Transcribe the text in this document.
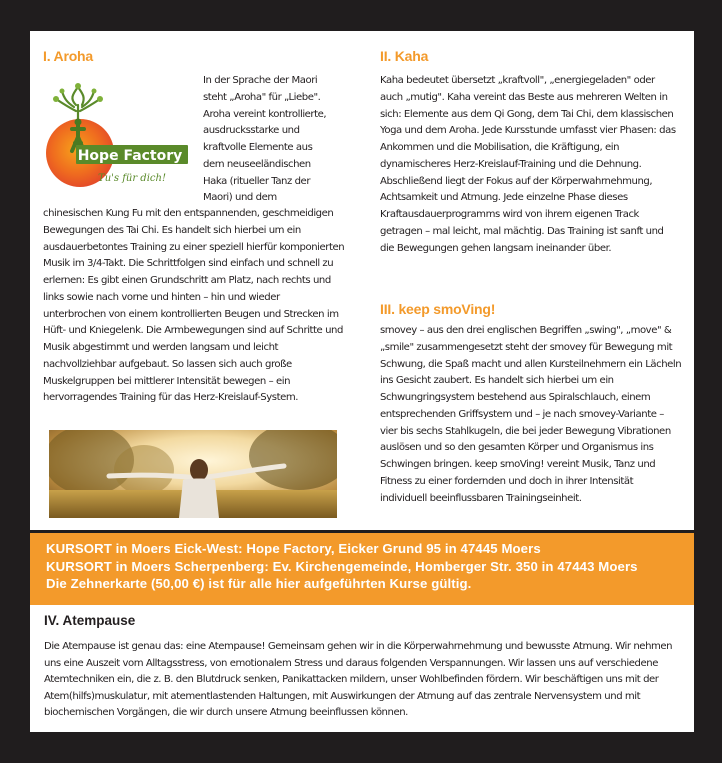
I. Aroha
Hope Factory
Tu's für dich!

In der Sprache der Maori steht „Aroha" für „Liebe". Aroha vereint kontrollierte, ausdrucksstarke und kraftvolle Elemente aus dem neuseeländischen Haka (ritueller Tanz der Maori) und dem

chinesischen Kung Fu mit den entspannenden, geschmeidigen Bewegungen des Tai Chi. Es handelt sich hierbei um ein ausdauerbetontes Training zu einer speziell hierfür komponierten Musik im 3/4-Takt. Die Schrittfolgen sind einfach und schnell zu erlernen: Es gibt einen Grundschritt am Platz, nach rechts und links sowie nach vorne und hinten – hin und wieder unterbrochen von einem kontrollierten Beugen und Strecken im Hüft- und Kniegelenk. Die Armbewegungen sind auf Schritte und Musik abgestimmt und werden langsam und leicht nachvollziehbar aufgebaut. So lassen sich auch große Muskelgruppen bei mittlerer Intensität bewegen – ein hervorragendes Training für das Herz-Kreislauf-System.

II. Kaha

Kaha bedeutet übersetzt „kraftvoll", „energiegeladen" oder auch „mutig". Kaha vereint das Beste aus mehreren Welten in sich: Elemente aus dem Qi Gong, dem Tai Chi, dem klassischen Yoga und dem Aroha. Jede Kursstunde umfasst vier Phasen: das Ankommen und die Mobilisation, die Kräftigung, ein dynamischeres Herz-Kreislauf-Training und die Dehnung. Abschließend liegt der Fokus auf der Körperwahrnehmung, Achtsamkeit und Atmung. Jede einzelne Phase dieses Kraftausdauerprogramms wird von ihrem eigenen Track getragen – mal leicht, mal mächtig. Das Training ist sanft und die Bewegungen gehen langsam ineinander über.

III. keep smoVing!

smovey – aus den drei englischen Begriffen „swing", „move" & „smile" zusammengesetzt steht der smovey für Bewegung mit Schwung, die Spaß macht und allen Kursteilnehmern ein Lächeln ins Gesicht zaubert. Es handelt sich hierbei um ein Schwungringsystem bestehend aus Spiralschlauch, einem entsprechenden Griffsystem und – je nach smovey-Variante – vier bis sechs Stahlkugeln, die bei jeder Bewegung Vibrationen auslösen und so den gesamten Körper und Organismus ins Schwingen bringen. keep smoVing! vereint Musik, Tanz und Fitness zu einer fordernden und doch in ihrer Intensität individuell beeinflussbaren Trainingseinheit.

KURSORT in Moers Eick-West: Hope Factory, Eicker Grund 95 in 47445 Moers
KURSORT in Moers Scherpenberg: Ev. Kirchengemeinde, Homberger Str. 350 in 47443 Moers
Die Zehnerkarte (50,00 €) ist für alle hier aufgeführten Kurse gültig.
IV. Atempause

Die Atempause ist genau das: eine Atempause! Gemeinsam gehen wir in die Körperwahrnehmung und bewusste Atmung. Wir nehmen uns eine Auszeit vom Alltagsstress, von emotionalem Stress und daraus folgenden Verspannungen. Wir lassen uns auf verschiedene Atemtechniken ein, die z. B. den Blutdruck senken, Panikattacken mildern, unser Wohlbefinden fördern. Wir beschäftigen uns mit der Atem(hilfs)muskulatur, mit atementlastenden Haltungen, mit Auswirkungen der Atmung auf das zentrale Nervensystem und mit biochemischen Vorgängen, die wir durch unsere Atmung beeinflussen können.
